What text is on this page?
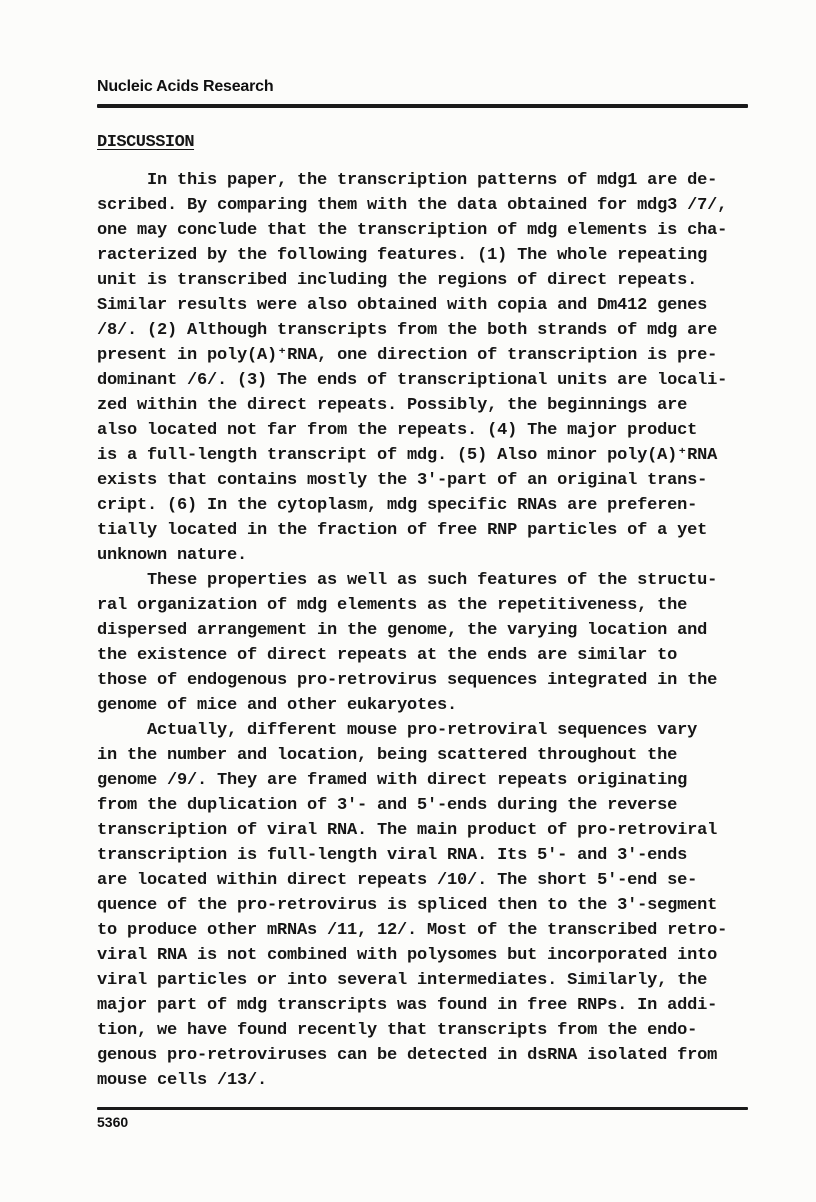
Nucleic Acids Research
DISCUSSION
In this paper, the transcription patterns of mdg1 are de-
scribed. By comparing them with the data obtained for mdg3 /7/,
one may conclude that the transcription of mdg elements is cha-
racterized by the following features. (1) The whole repeating
unit is transcribed including the regions of direct repeats.
Similar results were also obtained with copia and Dm412 genes
/8/. (2) Although transcripts from the both strands of mdg are
present in poly(A)⁺RNA, one direction of transcription is pre-
dominant /6/. (3) The ends of transcriptional units are locali-
zed within the direct repeats. Possibly, the beginnings are
also located not far from the repeats. (4) The major product
is a full-length transcript of mdg. (5) Also minor poly(A)⁺RNA
exists that contains mostly the 3'-part of an original trans-
cript. (6) In the cytoplasm, mdg specific RNAs are preferen-
tially located in the fraction of free RNP particles of a yet
unknown nature.
These properties as well as such features of the structu-
ral organization of mdg elements as the repetitiveness, the
dispersed arrangement in the genome, the varying location and
the existence of direct repeats at the ends are similar to
those of endogenous pro-retrovirus sequences integrated in the
genome of mice and other eukaryotes.
Actually, different mouse pro-retroviral sequences vary
in the number and location, being scattered throughout the
genome /9/. They are framed with direct repeats originating
from the duplication of 3'- and 5'-ends during the reverse
transcription of viral RNA. The main product of pro-retroviral
transcription is full-length viral RNA. Its 5'- and 3'-ends
are located within direct repeats /10/. The short 5'-end se-
quence of the pro-retrovirus is spliced then to the 3'-segment
to produce other mRNAs /11, 12/. Most of the transcribed retro-
viral RNA is not combined with polysomes but incorporated into
viral particles or into several intermediates. Similarly, the
major part of mdg transcripts was found in free RNPs. In addi-
tion, we have found recently that transcripts from the endo-
genous pro-retroviruses can be detected in dsRNA isolated from
mouse cells /13/.
5360
